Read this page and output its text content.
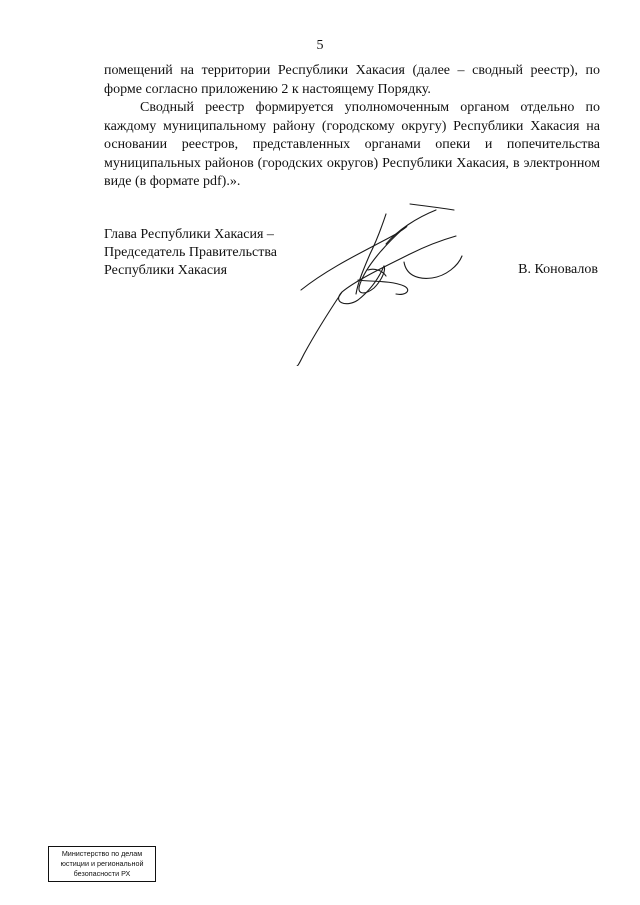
5

помещений на территории Республики Хакасия (далее – сводный реестр), по форме согласно приложению 2 к настоящему Порядку.

Сводный реестр формируется уполномоченным органом отдельно по каждому муниципальному району (городскому округу) Республики Хакасия на основании реестров, представленных органами опеки и попечительства муниципальных районов (городских округов) Республики Хакасия, в электронном виде (в формате pdf).».

Глава Республики Хакасия –
Председатель Правительства
Республики Хакасия	В. Коновалов
Министерство по делам
юстиции и региональной
безопасности РХ
